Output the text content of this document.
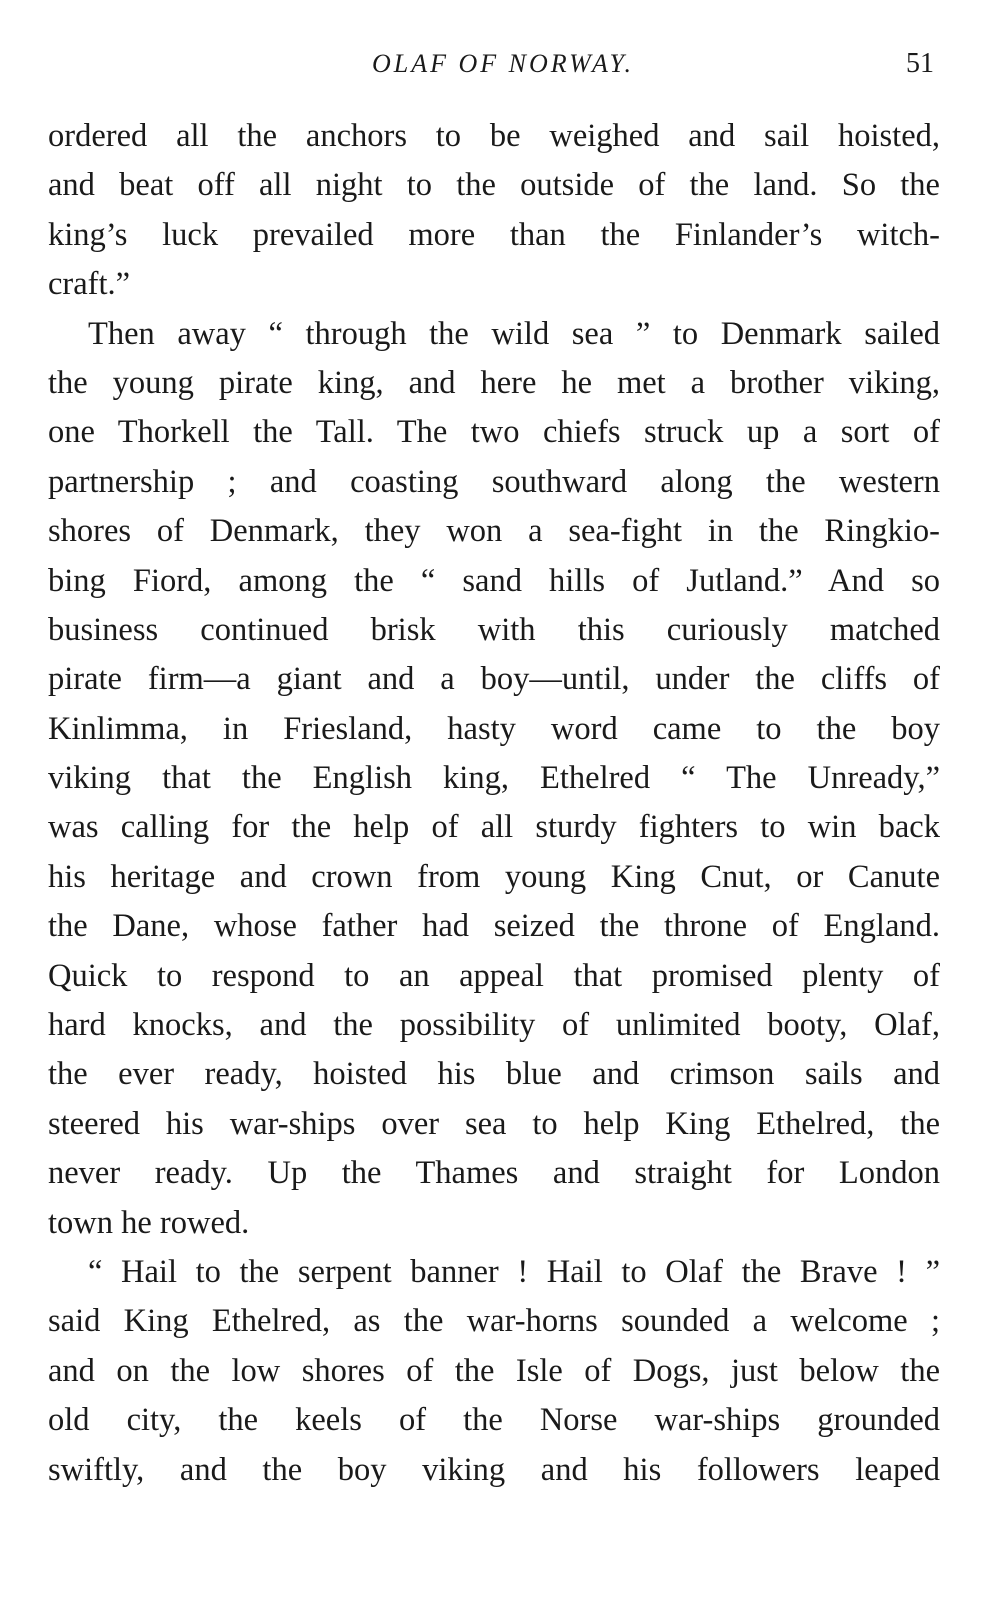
OLAF OF NORWAY.	51
ordered all the anchors to be weighed and sail hoisted,
and beat off all night to the outside of the land. So the
king’s luck prevailed more than the Finlander’s witch-
craft.”
Then away “ through the wild sea ” to Denmark sailed
the young pirate king, and here he met a brother viking,
one Thorkell the Tall. The two chiefs struck up a sort of
partnership ; and coasting southward along the western
shores of Denmark, they won a sea-fight in the Ringkio-
bing Fiord, among the “ sand hills of Jutland.” And so
business continued brisk with this curiously matched
pirate firm—a giant and a boy—until, under the cliffs of
Kinlimma, in Friesland, hasty word came to the boy
viking that the English king, Ethelred “ The Unready,”
was calling for the help of all sturdy fighters to win back
his heritage and crown from young King Cnut, or Canute
the Dane, whose father had seized the throne of England.
Quick to respond to an appeal that promised plenty of
hard knocks, and the possibility of unlimited booty, Olaf,
the ever ready, hoisted his blue and crimson sails and
steered his war-ships over sea to help King Ethelred, the
never ready. Up the Thames and straight for London
town he rowed.
“ Hail to the serpent banner ! Hail to Olaf the Brave ! ”
said King Ethelred, as the war-horns sounded a welcome ;
and on the low shores of the Isle of Dogs, just below the
old city, the keels of the Norse war-ships grounded
swiftly, and the boy viking and his followers leaped
